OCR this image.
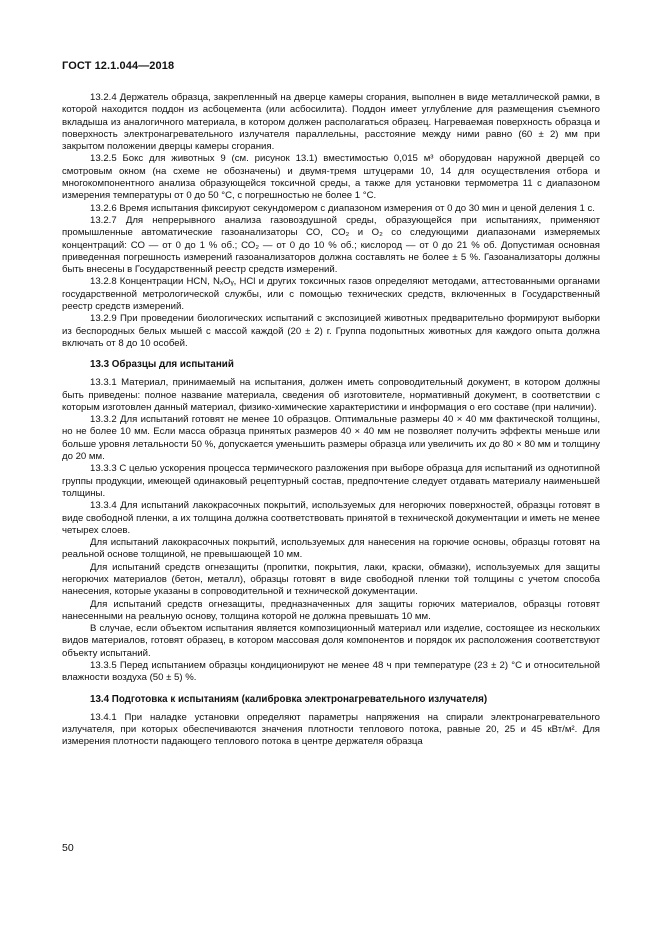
ГОСТ 12.1.044—2018

13.2.4 Держатель образца, закрепленный на дверце камеры сгорания, выполнен в виде металлической рамки, в которой находится поддон из асбоцемента (или асбосилита). Поддон имеет углубление для размещения съемного вкладыша из аналогичного материала, в котором должен располагаться образец. Нагреваемая поверхность образца и поверхность электронагревательного излучателя параллельны, расстояние между ними равно (60 ± 2) мм при закрытом положении дверцы камеры сгорания.

13.2.5 Бокс для животных 9 (см. рисунок 13.1) вместимостью 0,015 м³ оборудован наружной дверцей со смотровым окном (на схеме не обозначены) и двумя-тремя штуцерами 10, 14 для осуществления отбора и многокомпонентного анализа образующейся токсичной среды, а также для установки термометра 11 с диапазоном измерения температуры от 0 до 50 °С, с погрешностью не более 1 °С.

13.2.6 Время испытания фиксируют секундомером с диапазоном измерения от 0 до 30 мин и ценой деления 1 с.

13.2.7 Для непрерывного анализа газовоздушной среды, образующейся при испытаниях, применяют промышленные автоматические газоанализаторы СО, СО₂ и О₂ со следующими диапазонами измеряемых концентраций: СО — от 0 до 1 % об.; СО₂ — от 0 до 10 % об.; кислород — от 0 до 21 % об. Допустимая основная приведенная погрешность измерений газоанализаторов должна составлять не более ± 5 %. Газоанализаторы должны быть внесены в Государственный реестр средств измерений.

13.2.8 Концентрации HCN, NₓOᵧ, HCl и других токсичных газов определяют методами, аттестованными органами государственной метрологической службы, или с помощью технических средств, включенных в Государственный реестр средств измерений.

13.2.9 При проведении биологических испытаний с экспозицией животных предварительно формируют выборки из беспородных белых мышей с массой каждой (20 ± 2) г. Группа подопытных животных для каждого опыта должна включать от 8 до 10 особей.

13.3 Образцы для испытаний

13.3.1 Материал, принимаемый на испытания, должен иметь сопроводительный документ, в котором должны быть приведены: полное название материала, сведения об изготовителе, нормативный документ, в соответствии с которым изготовлен данный материал, физико-химические характеристики и информация о его составе (при наличии).

13.3.2 Для испытаний готовят не менее 10 образцов. Оптимальные размеры 40 × 40 мм фактической толщины, но не более 10 мм. Если масса образца принятых размеров 40 × 40 мм не позволяет получить эффекты меньше или больше уровня летальности 50 %, допускается уменьшить размеры образца или увеличить их до 80 × 80 мм и толщину до 20 мм.

13.3.3 С целью ускорения процесса термического разложения при выборе образца для испытаний из однотипной группы продукции, имеющей одинаковый рецептурный состав, предпочтение следует отдавать материалу наименьшей толщины.

13.3.4 Для испытаний лакокрасочных покрытий, используемых для негорючих поверхностей, образцы готовят в виде свободной пленки, а их толщина должна соответствовать принятой в технической документации и иметь не менее четырех слоев.

Для испытаний лакокрасочных покрытий, используемых для нанесения на горючие основы, образцы готовят на реальной основе толщиной, не превышающей 10 мм.

Для испытаний средств огнезащиты (пропитки, покрытия, лаки, краски, обмазки), используемых для защиты негорючих материалов (бетон, металл), образцы готовят в виде свободной пленки той толщины с учетом способа нанесения, которые указаны в сопроводительной и технической документации.

Для испытаний средств огнезащиты, предназначенных для защиты горючих материалов, образцы готовят нанесенными на реальную основу, толщина которой не должна превышать 10 мм.

В случае, если объектом испытания является композиционный материал или изделие, состоящее из нескольких видов материалов, готовят образец, в котором массовая доля компонентов и порядок их расположения соответствуют объекту испытаний.

13.3.5 Перед испытанием образцы кондиционируют не менее 48 ч при температуре (23 ± 2) °С и относительной влажности воздуха (50 ± 5) %.

13.4 Подготовка к испытаниям (калибровка электронагревательного излучателя)

13.4.1 При наладке установки определяют параметры напряжения на спирали электронагревательного излучателя, при которых обеспечиваются значения плотности теплового потока, равные 20, 25 и 45 кВт/м². Для измерения плотности падающего теплового потока в центре держателя образца

50
